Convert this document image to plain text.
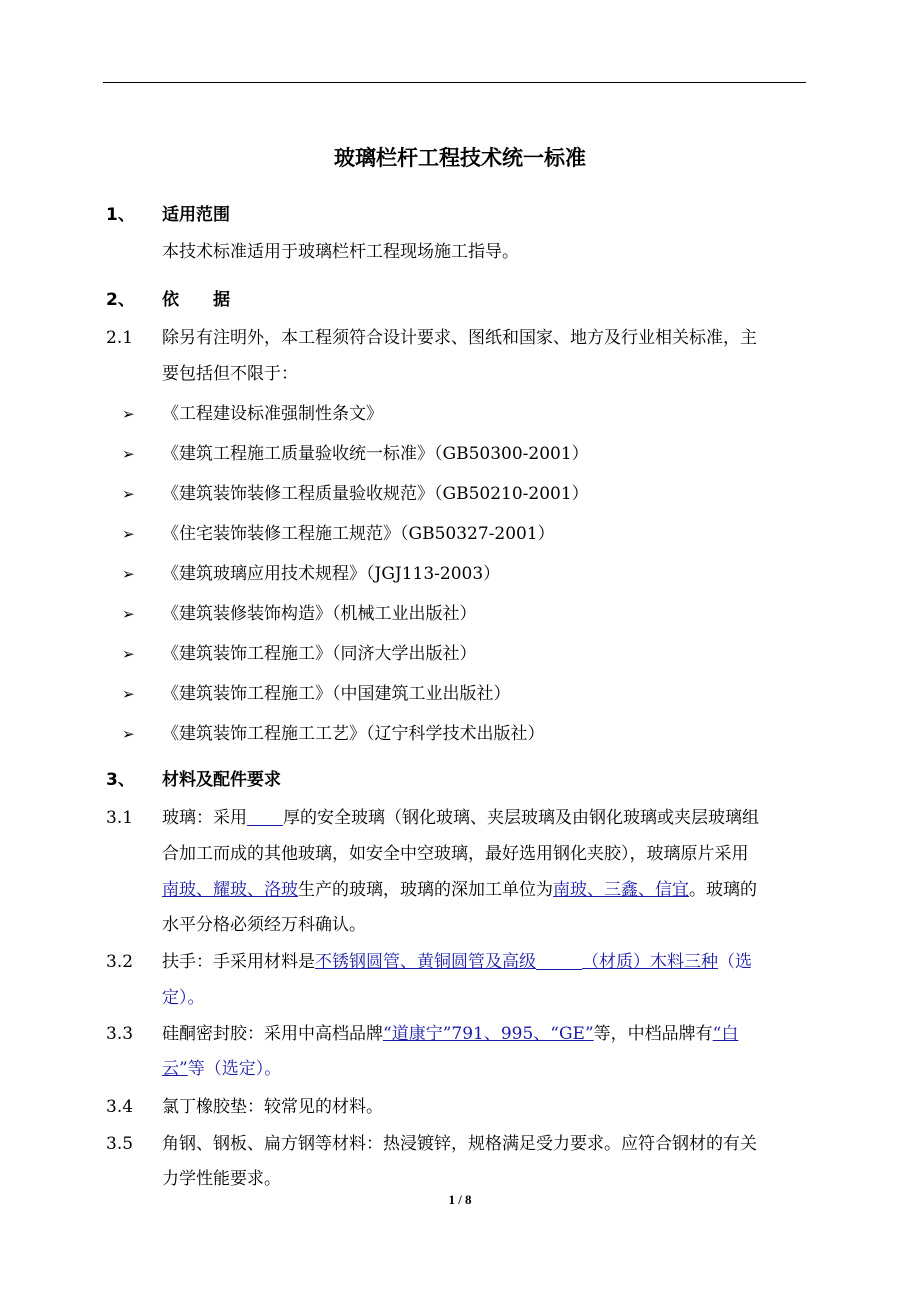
玻璃栏杆工程技术统一标准
1、 适用范围
本技术标准适用于玻璃栏杆工程现场施工指导。
2、 依　　据
2.1 除另有注明外，本工程须符合设计要求、图纸和国家、地方及行业相关标准，主
要包括但不限于：
➢ 《工程建设标准强制性条文》
➢ 《建筑工程施工质量验收统一标准》（GB50300-2001）
➢ 《建筑装饰装修工程质量验收规范》（GB50210-2001）
➢ 《住宅装饰装修工程施工规范》（GB50327-2001）
➢ 《建筑玻璃应用技术规程》（JGJ113-2003）
➢ 《建筑装修装饰构造》（机械工业出版社）
➢ 《建筑装饰工程施工》（同济大学出版社）
➢ 《建筑装饰工程施工》（中国建筑工业出版社）
➢ 《建筑装饰工程施工工艺》（辽宁科学技术出版社）
3、 材料及配件要求
3.1 玻璃：采用 厚的安全玻璃（钢化玻璃、夹层玻璃及由钢化玻璃或夹层玻璃组
合加工而成的其他玻璃，如安全中空玻璃，最好选用钢化夹胶），玻璃原片采用
南玻、耀玻、洛玻生产的玻璃，玻璃的深加工单位为南玻、三鑫、信宜。玻璃的
水平分格必须经万科确认。
3.2 扶手：手采用材料是不锈钢圆管、黄铜圆管及高级	（材质）木料三种（选
定）。
3.3 硅酮密封胶：采用中高档品牌“道康宁”791、995、“GE”等，中档品牌有“白
云”等（选定）。
3.4 氯丁橡胶垫：较常见的材料。
3.5 角钢、钢板、扁方钢等材料：热浸镀锌，规格满足受力要求。应符合钢材的有关
力学性能要求。
1 / 8
